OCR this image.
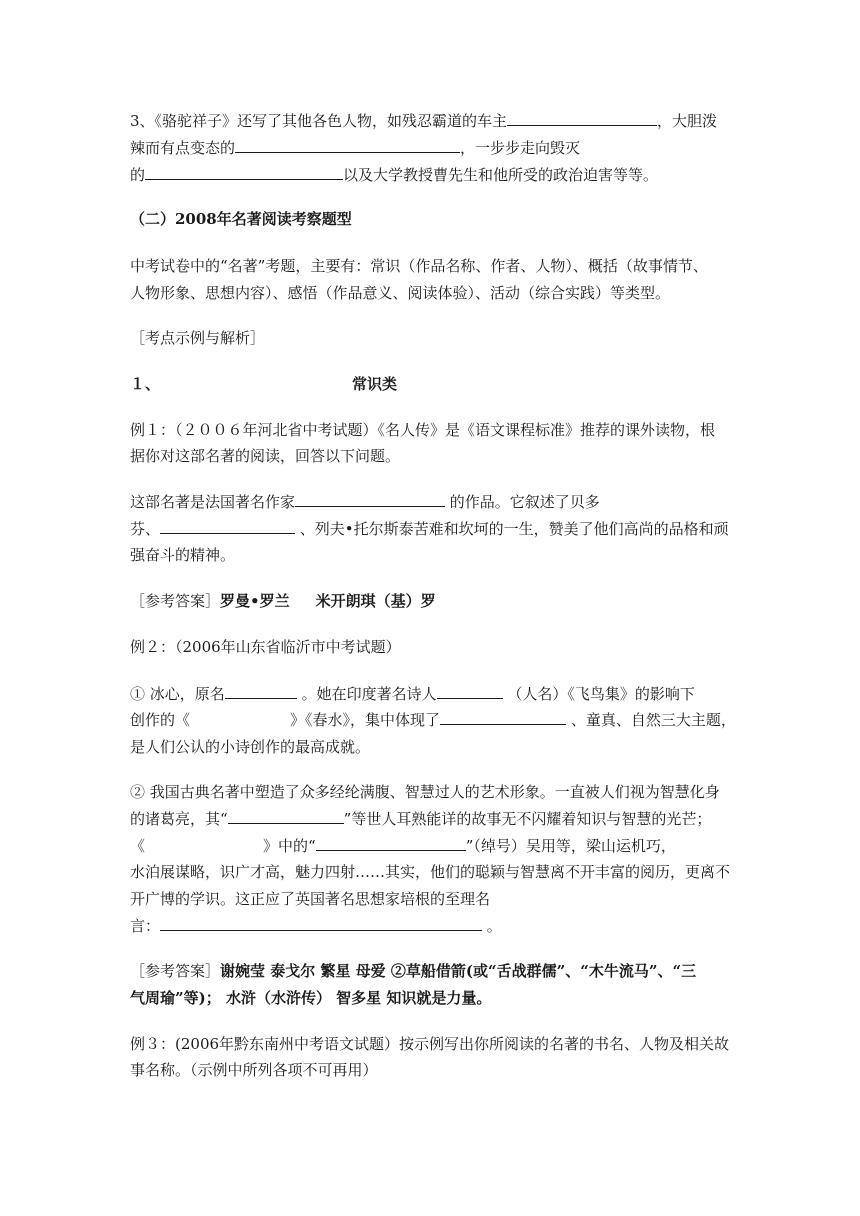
3、《骆驼祥子》还写了其他各色人物，如残忍霸道的车主	，大胆泼
辣而有点变态的	，一步步走向毁灭
的	以及大学教授曹先生和他所受的政治迫害等等。
（二）2008年名著阅读考察题型
中考试卷中的“名著”考题，主要有：常识（作品名称、作者、人物）、概括（故事情节、
人物形象、思想内容）、感悟（作品意义、阅读体验）、活动（综合实践）等类型。
［考点示例与解析］
１、	常识类
例１：（２００６年河北省中考试题）《名人传》是《语文课程标准》推荐的课外读物，根
据你对这部名著的阅读，回答以下问题。
这部名著是法国著名作家	的作品。它叙述了贝多
芬、	、列夫•托尔斯泰苦难和坎坷的一生，赞美了他们高尚的品格和顽
强奋斗的精神。
［参考答案］罗曼•罗兰 米开朗琪（基）罗
例２：（2006年山东省临沂市中考试题）
① 冰心，原名	。她在印度著名诗人	（人名）《飞鸟集》的影响下
创作的《	》《春水》，集中体现了	、童真、自然三大主题，
是人们公认的小诗创作的最高成就。
② 我国古典名著中塑造了众多经纶满腹、智慧过人的艺术形象。一直被人们视为智慧化身
的诸葛亮，其“	”等世人耳熟能详的故事无不闪耀着知识与智慧的光芒；
《	》中的“	”（绰号）吴用等，梁山运机巧，
水泊展谋略，识广才高，魅力四射……其实，他们的聪颖与智慧离不开丰富的阅历，更离不
开广博的学识。这正应了英国著名思想家培根的至理名
言：	。
［参考答案］谢婉莹 泰戈尔 繁星 母爱 ②草船借箭(或“舌战群儒”、“木牛流马”、“三
气周瑜”等)； 水浒（水浒传） 智多星 知识就是力量。
例３：(2006年黔东南州中考语文试题）按示例写出你所阅读的名著的书名、人物及相关故
事名称。（示例中所列各项不可再用）
